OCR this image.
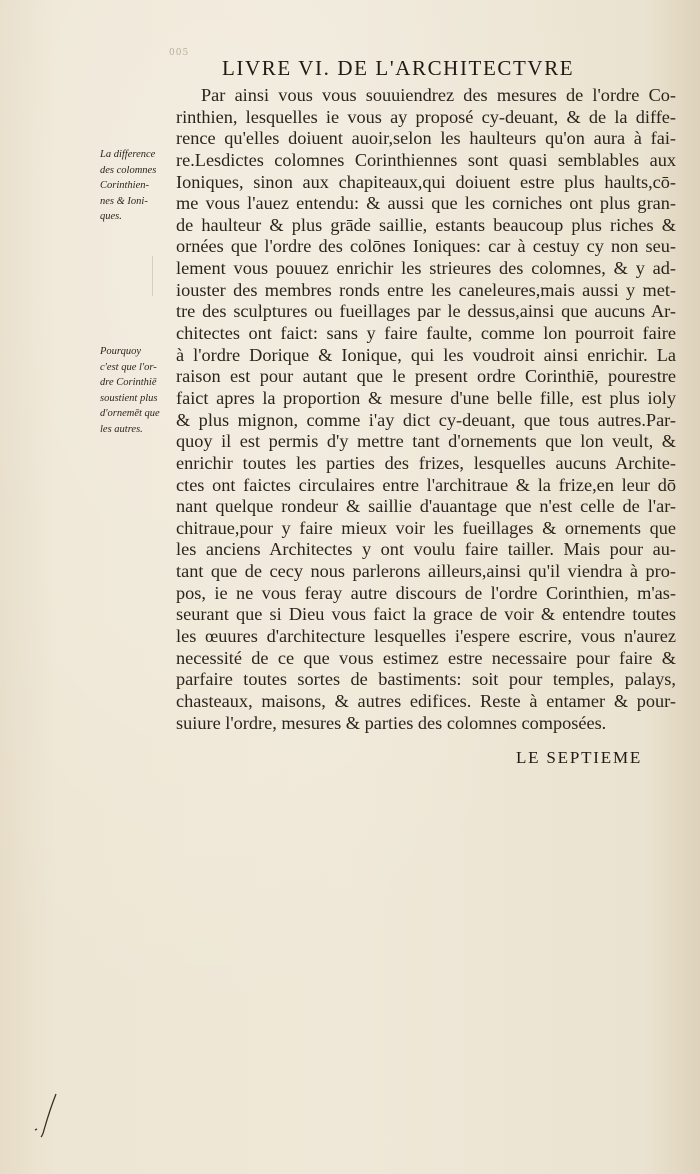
005
LIVRE VI. DE L'ARCHITECTVRE
La difference
des colomnes
Corinthien-
nes & Ioni-
ques.
Pourquoy
c'est que l'or-
dre Corinthiē
soustient plus
d'ornemēt que
les autres.
Par ainsi vous vous souuiendrez des mesures de l'ordre Co-
rinthien, lesquelles ie vous ay proposé cy-deuant, & de la diffe-
rence qu'elles doiuent auoir,selon les haulteurs qu'on aura à fai-
re.Lesdictes colomnes Corinthiennes sont quasi semblables aux
Ioniques, sinon aux chapiteaux,qui doiuent estre plus haults,cō-
me vous l'auez entendu: & aussi que les corniches ont plus gran-
de haulteur & plus grāde saillie, estants beaucoup plus riches &
ornées que l'ordre des colōnes Ioniques: car à cestuy cy non seu-
lement vous pouuez enrichir les strieures des colomnes, & y ad-
iouster des membres ronds entre les caneleures,mais aussi y met-
tre des sculptures ou fueillages par le dessus,ainsi que aucuns Ar-
chitectes ont faict: sans y faire faulte, comme lon pourroit faire
à l'ordre Dorique & Ionique, qui les voudroit ainsi enrichir. La
raison est pour autant que le present ordre Corinthiē, pourestre
faict apres la proportion & mesure d'une belle fille, est plus ioly
& plus mignon, comme i'ay dict cy-deuant, que tous autres.Par-
quoy il est permis d'y mettre tant d'ornements que lon veult, &
enrichir toutes les parties des frizes, lesquelles aucuns Archite-
ctes ont faictes circulaires entre l'architraue & la frize,en leur dō
nant quelque rondeur & saillie d'auantage que n'est celle de l'ar-
chitraue,pour y faire mieux voir les fueillages & ornements que
les anciens Architectes y ont voulu faire tailler. Mais pour au-
tant que de cecy nous parlerons ailleurs,ainsi qu'il viendra à pro-
pos, ie ne vous feray autre discours de l'ordre Corinthien, m'as-
seurant que si Dieu vous faict la grace de voir & entendre toutes
les œuures d'architecture lesquelles i'espere escrire, vous n'aurez
necessité de ce que vous estimez estre necessaire pour faire &
parfaire toutes sortes de bastiments: soit pour temples, palays,
chasteaux, maisons, & autres edifices. Reste à entamer & pour-
suiure l'ordre, mesures & parties des colomnes composées.
LE SEPTIEME
